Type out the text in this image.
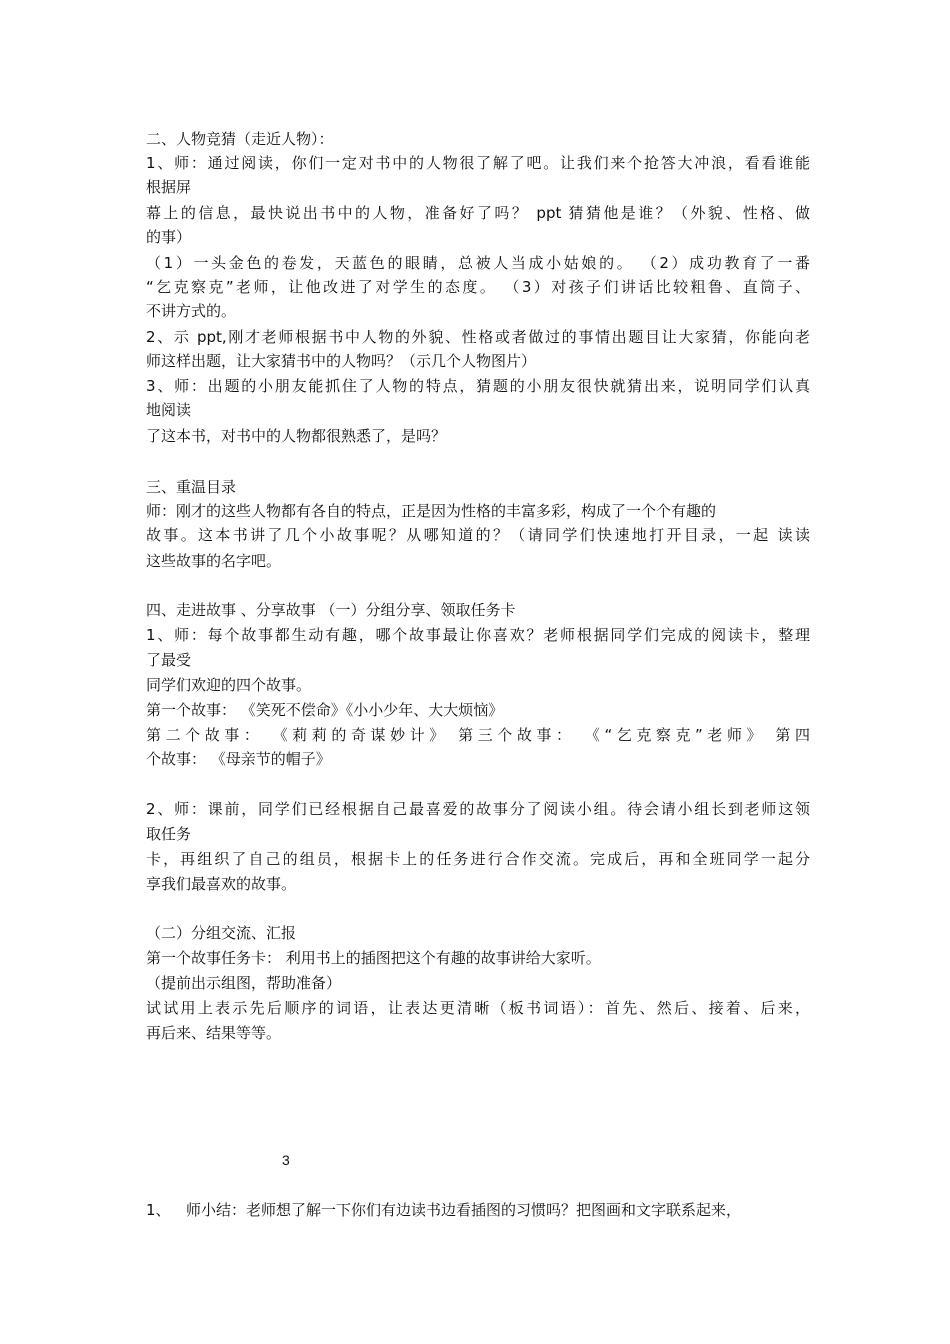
二、人物竞猜（走近人物）：
1、师：通过阅读，你们一定对书中的人物很了解了吧。让我们来个抢答大冲浪，看看谁能
根据屏
幕上的信息，最快说出书中的人物，准备好了吗？ ppt 猜猜他是谁？（外貌、性格、做
的事）
（1）一头金色的卷发，天蓝色的眼睛，总被人当成小姑娘的。 （2）成功教育了一番
“乞克察克”老师，让他改进了对学生的态度。 （3）对孩子们讲话比较粗鲁、直筒子、
不讲方式的。
2、示 ppt,刚才老师根据书中人物的外貌、性格或者做过的事情出题目让大家猜，你能向老
师这样出题，让大家猜书中的人物吗？（示几个人物图片）
3、师：出题的小朋友能抓住了人物的特点，猜题的小朋友很快就猜出来，说明同学们认真
地阅读
了这本书，对书中的人物都很熟悉了，是吗？
三、重温目录
师：刚才的这些人物都有各自的特点，正是因为性格的丰富多彩，构成了一个个有趣的
故事。这本书讲了几个小故事呢？从哪知道的？（请同学们快速地打开目录，一起 读读
这些故事的名字吧。
四、走进故事 、分享故事 （一）分组分享、领取任务卡
1、师：每个故事都生动有趣，哪个故事最让你喜欢？老师根据同学们完成的阅读卡，整理
了最受
同学们欢迎的四个故事。
第一个故事： 《笑死不偿命》《小小少年、大大烦恼》
第二个故事： 《莉莉的奇谋妙计》 第三个故事： 《“乞克察克”老师》 第四
个故事： 《母亲节的帽子》
2、师：课前，同学们已经根据自己最喜爱的故事分了阅读小组。待会请小组长到老师这领
取任务
卡，再组织了自己的组员，根据卡上的任务进行合作交流。完成后，再和全班同学一起分
享我们最喜欢的故事。
（二）分组交流、汇报
第一个故事任务卡： 利用书上的插图把这个有趣的故事讲给大家听。
（提前出示组图，帮助准备）
试试用上表示先后顺序的词语，让表达更清晰（板书词语）：首先、然后、接着、后来，
再后来、结果等等。
3
1、 师小结：老师想了解一下你们有边读书边看插图的习惯吗？把图画和文字联系起来，
